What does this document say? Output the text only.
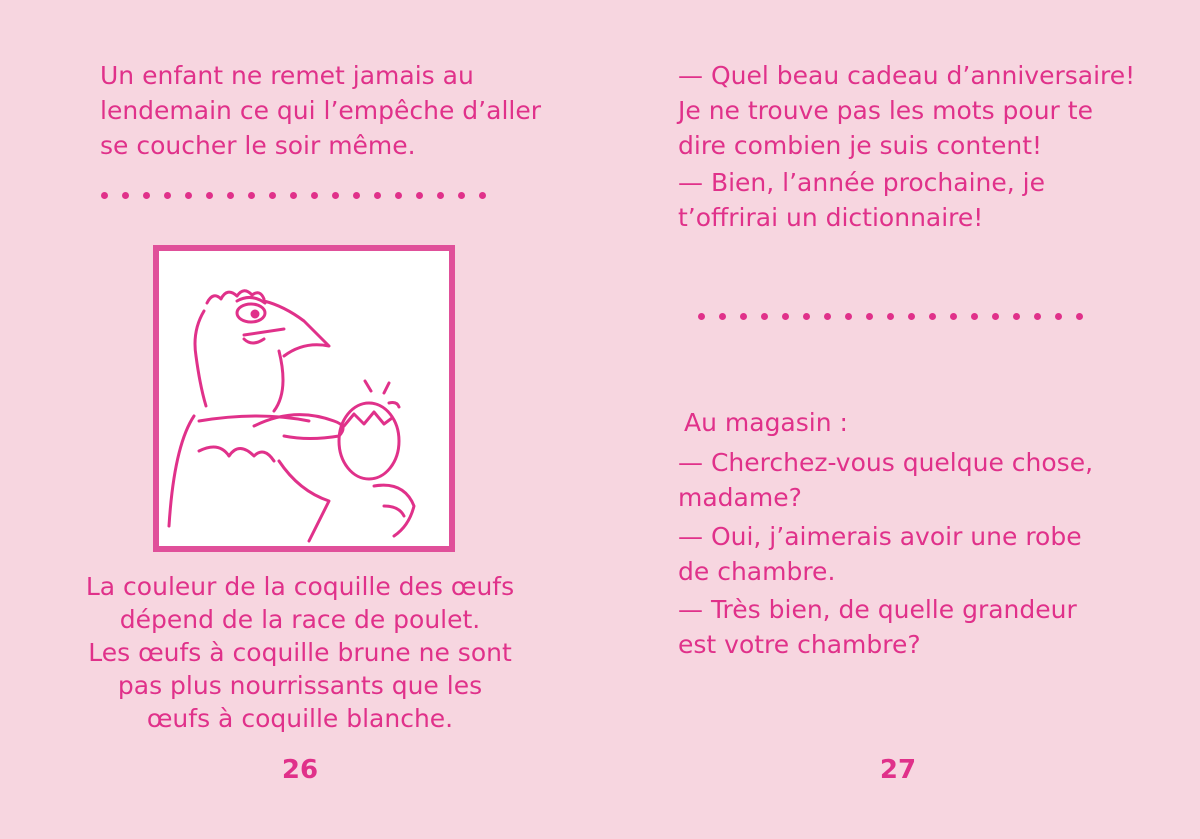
Un enfant ne remet jamais au
lendemain ce qui l’empêche d’aller
se coucher le soir même.
La couleur de la coquille des œufs
dépend de la race de poulet.
Les œufs à coquille brune ne sont
pas plus nourrissants que les
œufs à coquille blanche.
26
— Quel beau cadeau d’anniversaire!
Je ne trouve pas les mots pour te
dire combien je suis content!
— Bien, l’année prochaine, je
t’offrirai un dictionnaire!
Au magasin :
— Cherchez-vous quelque chose,
madame?
— Oui, j’aimerais avoir une robe
de chambre.
— Très bien, de quelle grandeur
est votre chambre?
27
